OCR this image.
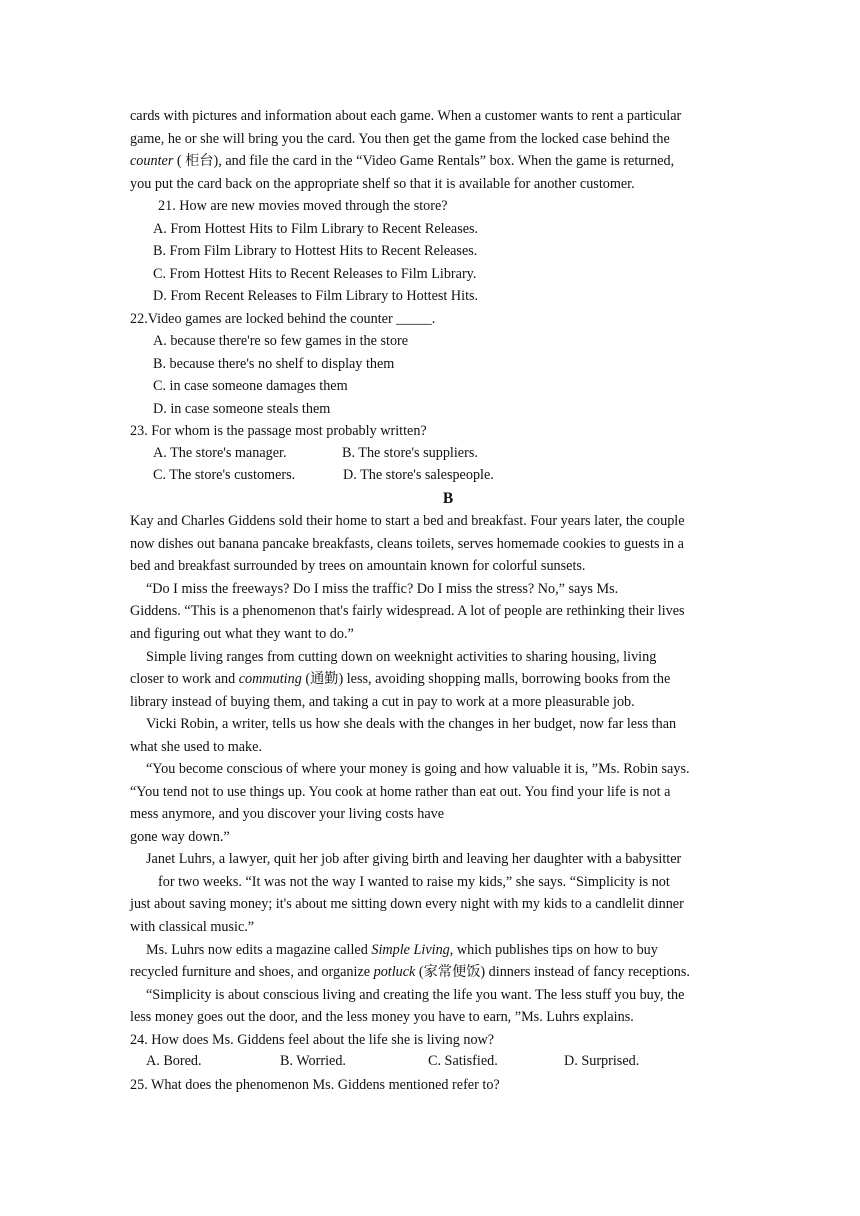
cards with pictures and information about each game. When a customer wants to rent a particular
game, he or she will bring you the card. You then get the game from the locked case behind the
counter ( 柜台), and file the card in the “Video Game Rentals” box. When the game is returned,
you put the card back on the appropriate shelf so that it is available for another customer.
21. How are new movies moved through the store?
A. From Hottest Hits to Film Library to Recent Releases.
B. From Film Library to Hottest Hits to Recent Releases.
C. From Hottest Hits to Recent Releases to Film Library.
D. From Recent Releases to Film Library to Hottest Hits.
22.Video games are locked behind the counter _____.
A. because there're so few games in the store
B. because there's no shelf to display them
C. in case someone damages them
D. in case someone steals them
23. For whom is the passage most probably written?
A. The store's manager.	B. The store's suppliers.
C. The store's customers.	D. The store's salespeople.
B
Kay and Charles Giddens sold their home to start a bed and breakfast. Four years later, the couple
now dishes out banana pancake breakfasts, cleans toilets, serves homemade cookies to guests in a
bed and breakfast surrounded by trees on amountain known for colorful sunsets.
“Do I miss the freeways? Do I miss the traffic? Do I miss the stress? No,” says Ms.
Giddens. “This is a phenomenon that's fairly widespread. A lot of people are rethinking their lives
and figuring out what they want to do.”
Simple living ranges from cutting down on weeknight activities to sharing housing, living
closer to work and commuting (通勤) less, avoiding shopping malls, borrowing books from the
library instead of buying them, and taking a cut in pay to work at a more pleasurable job.
Vicki Robin, a writer, tells us how she deals with the changes in her budget, now far less than
what she used to make.
“You become conscious of where your money is going and how valuable it is, ”Ms. Robin says.
“You tend not to use things up. You cook at home rather than eat out. You find your life is not a
mess anymore, and you discover your living costs have
gone way down.”
Janet Luhrs, a lawyer, quit her job after giving birth and leaving her daughter with a babysitter
for two weeks. “It was not the way I wanted to raise my kids,” she says. “Simplicity is not
just about saving money; it's about me sitting down every night with my kids to a candlelit dinner
with classical music.”
Ms. Luhrs now edits a magazine called Simple Living, which publishes tips on how to buy
recycled furniture and shoes, and organize potluck (家常便饭) dinners instead of fancy receptions.
“Simplicity is about conscious living and creating the life you want. The less stuff you buy, the
less money goes out the door, and the less money you have to earn, ”Ms. Luhrs explains.
24. How does Ms. Giddens feel about the life she is living now?
A. Bored.	B. Worried.	C. Satisfied.	D. Surprised.
25. What does the phenomenon Ms. Giddens mentioned refer to?
